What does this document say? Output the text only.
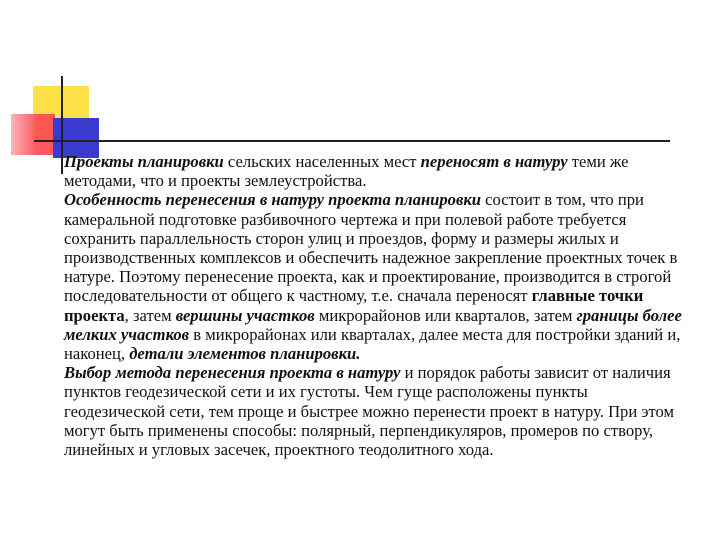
Проекты планировки сельских населенных мест переносят в натуру теми же методами, что и проекты землеустройства.

Особенность перенесения в натуру проекта планировки состоит в том, что при камеральной подготовке разбивочного чертежа и при полевой работе требуется сохранить параллельность сторон улиц и проездов, форму и размеры жилых и производственных комплексов и обеспечить надежное закрепление проектных точек в натуре. Поэтому перенесение проекта, как и проектирование, производится в строгой последовательности от общего к частному, т.е. сначала переносят главные точки проекта, затем вершины участков микрорайонов или кварталов, затем границы более мелких участков в микрорайонах или кварталах, далее места для постройки зданий и, наконец, детали элементов планировки.

Выбор метода перенесения проекта в натуру и порядок работы зависит от наличия пунктов геодезической сети и их густоты. Чем гуще расположены пункты геодезической сети, тем проще и быстрее можно перенести проект в натуру. При этом могут быть применены способы: полярный, перпендикуляров, промеров по створу, линейных и угловых засечек, проектного теодолитного хода.
